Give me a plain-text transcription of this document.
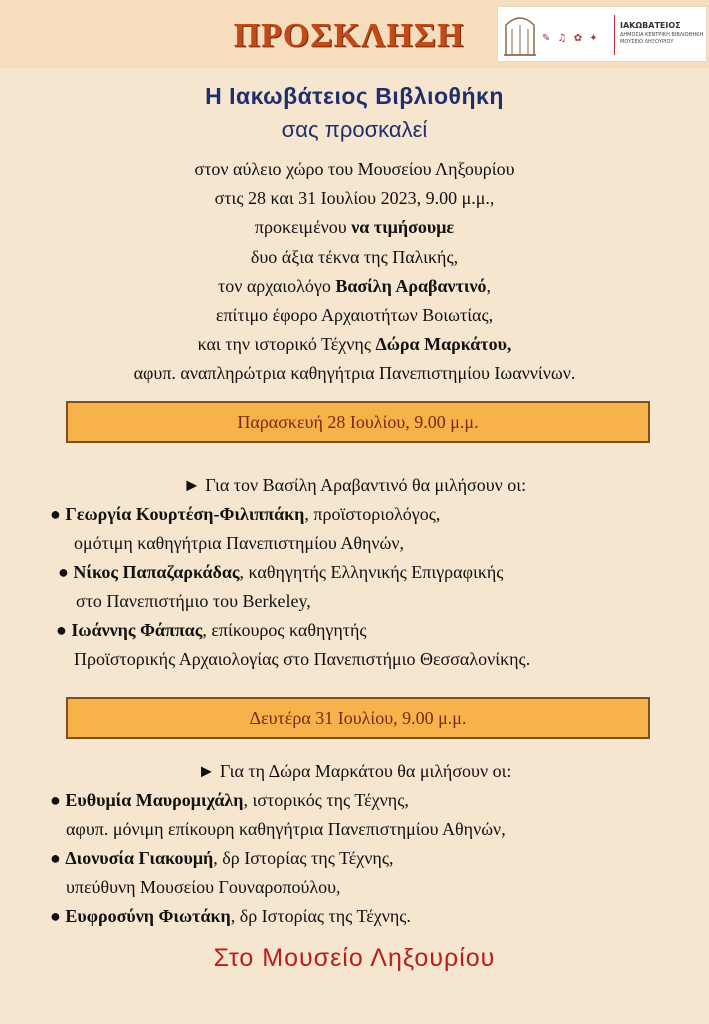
ΠΡΟΣΚΛΗΣΗ	✎ ♫ ✿ ✦
ΙΑΚΩΒΑΤΕΙΟΣ
ΔΗΜΟΣΙΑ ΚΕΝΤΡΙΚΗ ΒΙΒΛΙΟΘΗΚΗ ΜΟΥΣΕΙΟ ΛΗΞΟΥΡΙΟΥ
Η Ιακωβάτειος Βιβλιοθήκη
σας προσκαλεί
στον αύλειο χώρο του Μουσείου Ληξουρίου
στις 28 και 31 Ιουλίου 2023, 9.00 μ.μ.,
προκειμένου να τιμήσουμε
δυο άξια τέκνα της Παλικής,
τον αρχαιολόγο Βασίλη Αραβαντινό,
επίτιμο έφορο Αρχαιοτήτων Βοιωτίας,
και την ιστορικό Τέχνης Δώρα Μαρκάτου,
αφυπ. αναπληρώτρια καθηγήτρια Πανεπιστημίου Ιωαννίνων.
Παρασκευή 28 Ιουλίου, 9.00 μ.μ.
► Για τον Βασίλη Αραβαντινό θα μιλήσουν οι:
● Γεωργία Κουρτέση-Φιλιππάκη, προϊστοριολόγος,
ομότιμη καθηγήτρια Πανεπιστημίου Αθηνών,
● Νίκος Παπαζαρκάδας, καθηγητής Ελληνικής Επιγραφικής
στο Πανεπιστήμιο του Berkeley,
● Ιωάννης Φάππας, επίκουρος καθηγητής
Προϊστορικής Αρχαιολογίας στο Πανεπιστήμιο Θεσσαλονίκης.
Δευτέρα 31 Ιουλίου, 9.00 μ.μ.
► Για τη Δώρα Μαρκάτου θα μιλήσουν οι:
● Ευθυμία Μαυρομιχάλη, ιστορικός της Τέχνης,
αφυπ. μόνιμη επίκουρη καθηγήτρια Πανεπιστημίου Αθηνών,
● Διονυσία Γιακουμή, δρ Ιστορίας της Τέχνης,
υπεύθυνη Μουσείου Γουναροπούλου,
● Ευφροσύνη Φιωτάκη, δρ Ιστορίας της Τέχνης.
Στο Μουσείο Ληξουρίου
